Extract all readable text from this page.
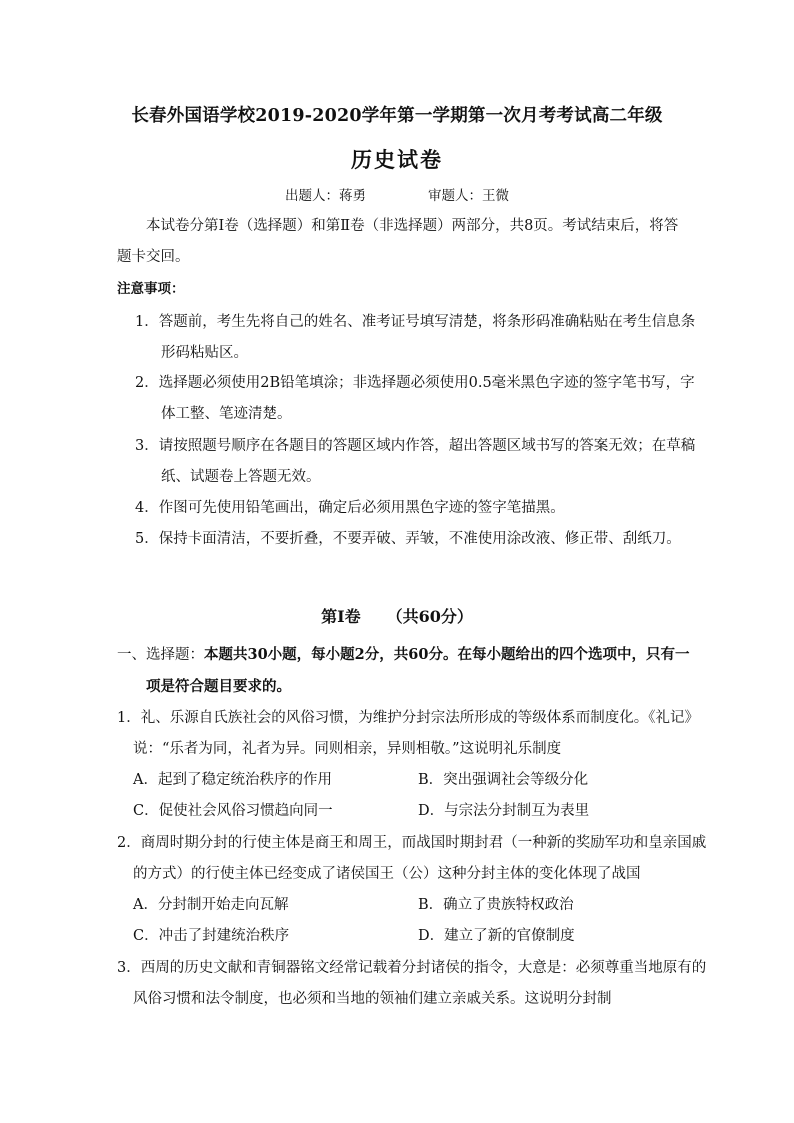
长春外国语学校2019-2020学年第一学期第一次月考考试高二年级
历史试卷
出题人：蒋勇	审题人：王微
本试卷分第Ⅰ卷（选择题）和第Ⅱ卷（非选择题）两部分，共8页。考试结束后，将答
题卡交回。
注意事项：
1．答题前，考生先将自己的姓名、准考证号填写清楚，将条形码准确粘贴在考生信息条
形码粘贴区。
2．选择题必须使用2B铅笔填涂；非选择题必须使用0.5毫米黑色字迹的签字笔书写，字
体工整、笔迹清楚。
3．请按照题号顺序在各题目的答题区域内作答，超出答题区域书写的答案无效；在草稿
纸、试题卷上答题无效。
4．作图可先使用铅笔画出，确定后必须用黑色字迹的签字笔描黑。
5．保持卡面清洁，不要折叠，不要弄破、弄皱，不准使用涂改液、修正带、刮纸刀。
第Ⅰ卷 （共60分）
一、选择题：本题共30小题，每小题2分，共60分。在每小题给出的四个选项中，只有一
项是符合题目要求的。
1．礼、乐源自氏族社会的风俗习惯，为维护分封宗法所形成的等级体系而制度化。《礼记》
说：“乐者为同，礼者为异。同则相亲，异则相敬。”这说明礼乐制度
A．起到了稳定统治秩序的作用	B．突出强调社会等级分化
C．促使社会风俗习惯趋向同一	D．与宗法分封制互为表里
2．商周时期分封的行使主体是商王和周王，而战国时期封君（一种新的奖励军功和皇亲国戚
的方式）的行使主体已经变成了诸侯国王（公）这种分封主体的变化体现了战国
A．分封制开始走向瓦解	B．确立了贵族特权政治
C．冲击了封建统治秩序	D．建立了新的官僚制度
3．西周的历史文献和青铜器铭文经常记载着分封诸侯的指令，大意是：必须尊重当地原有的
风俗习惯和法令制度，也必须和当地的领袖们建立亲戚关系。这说明分封制
